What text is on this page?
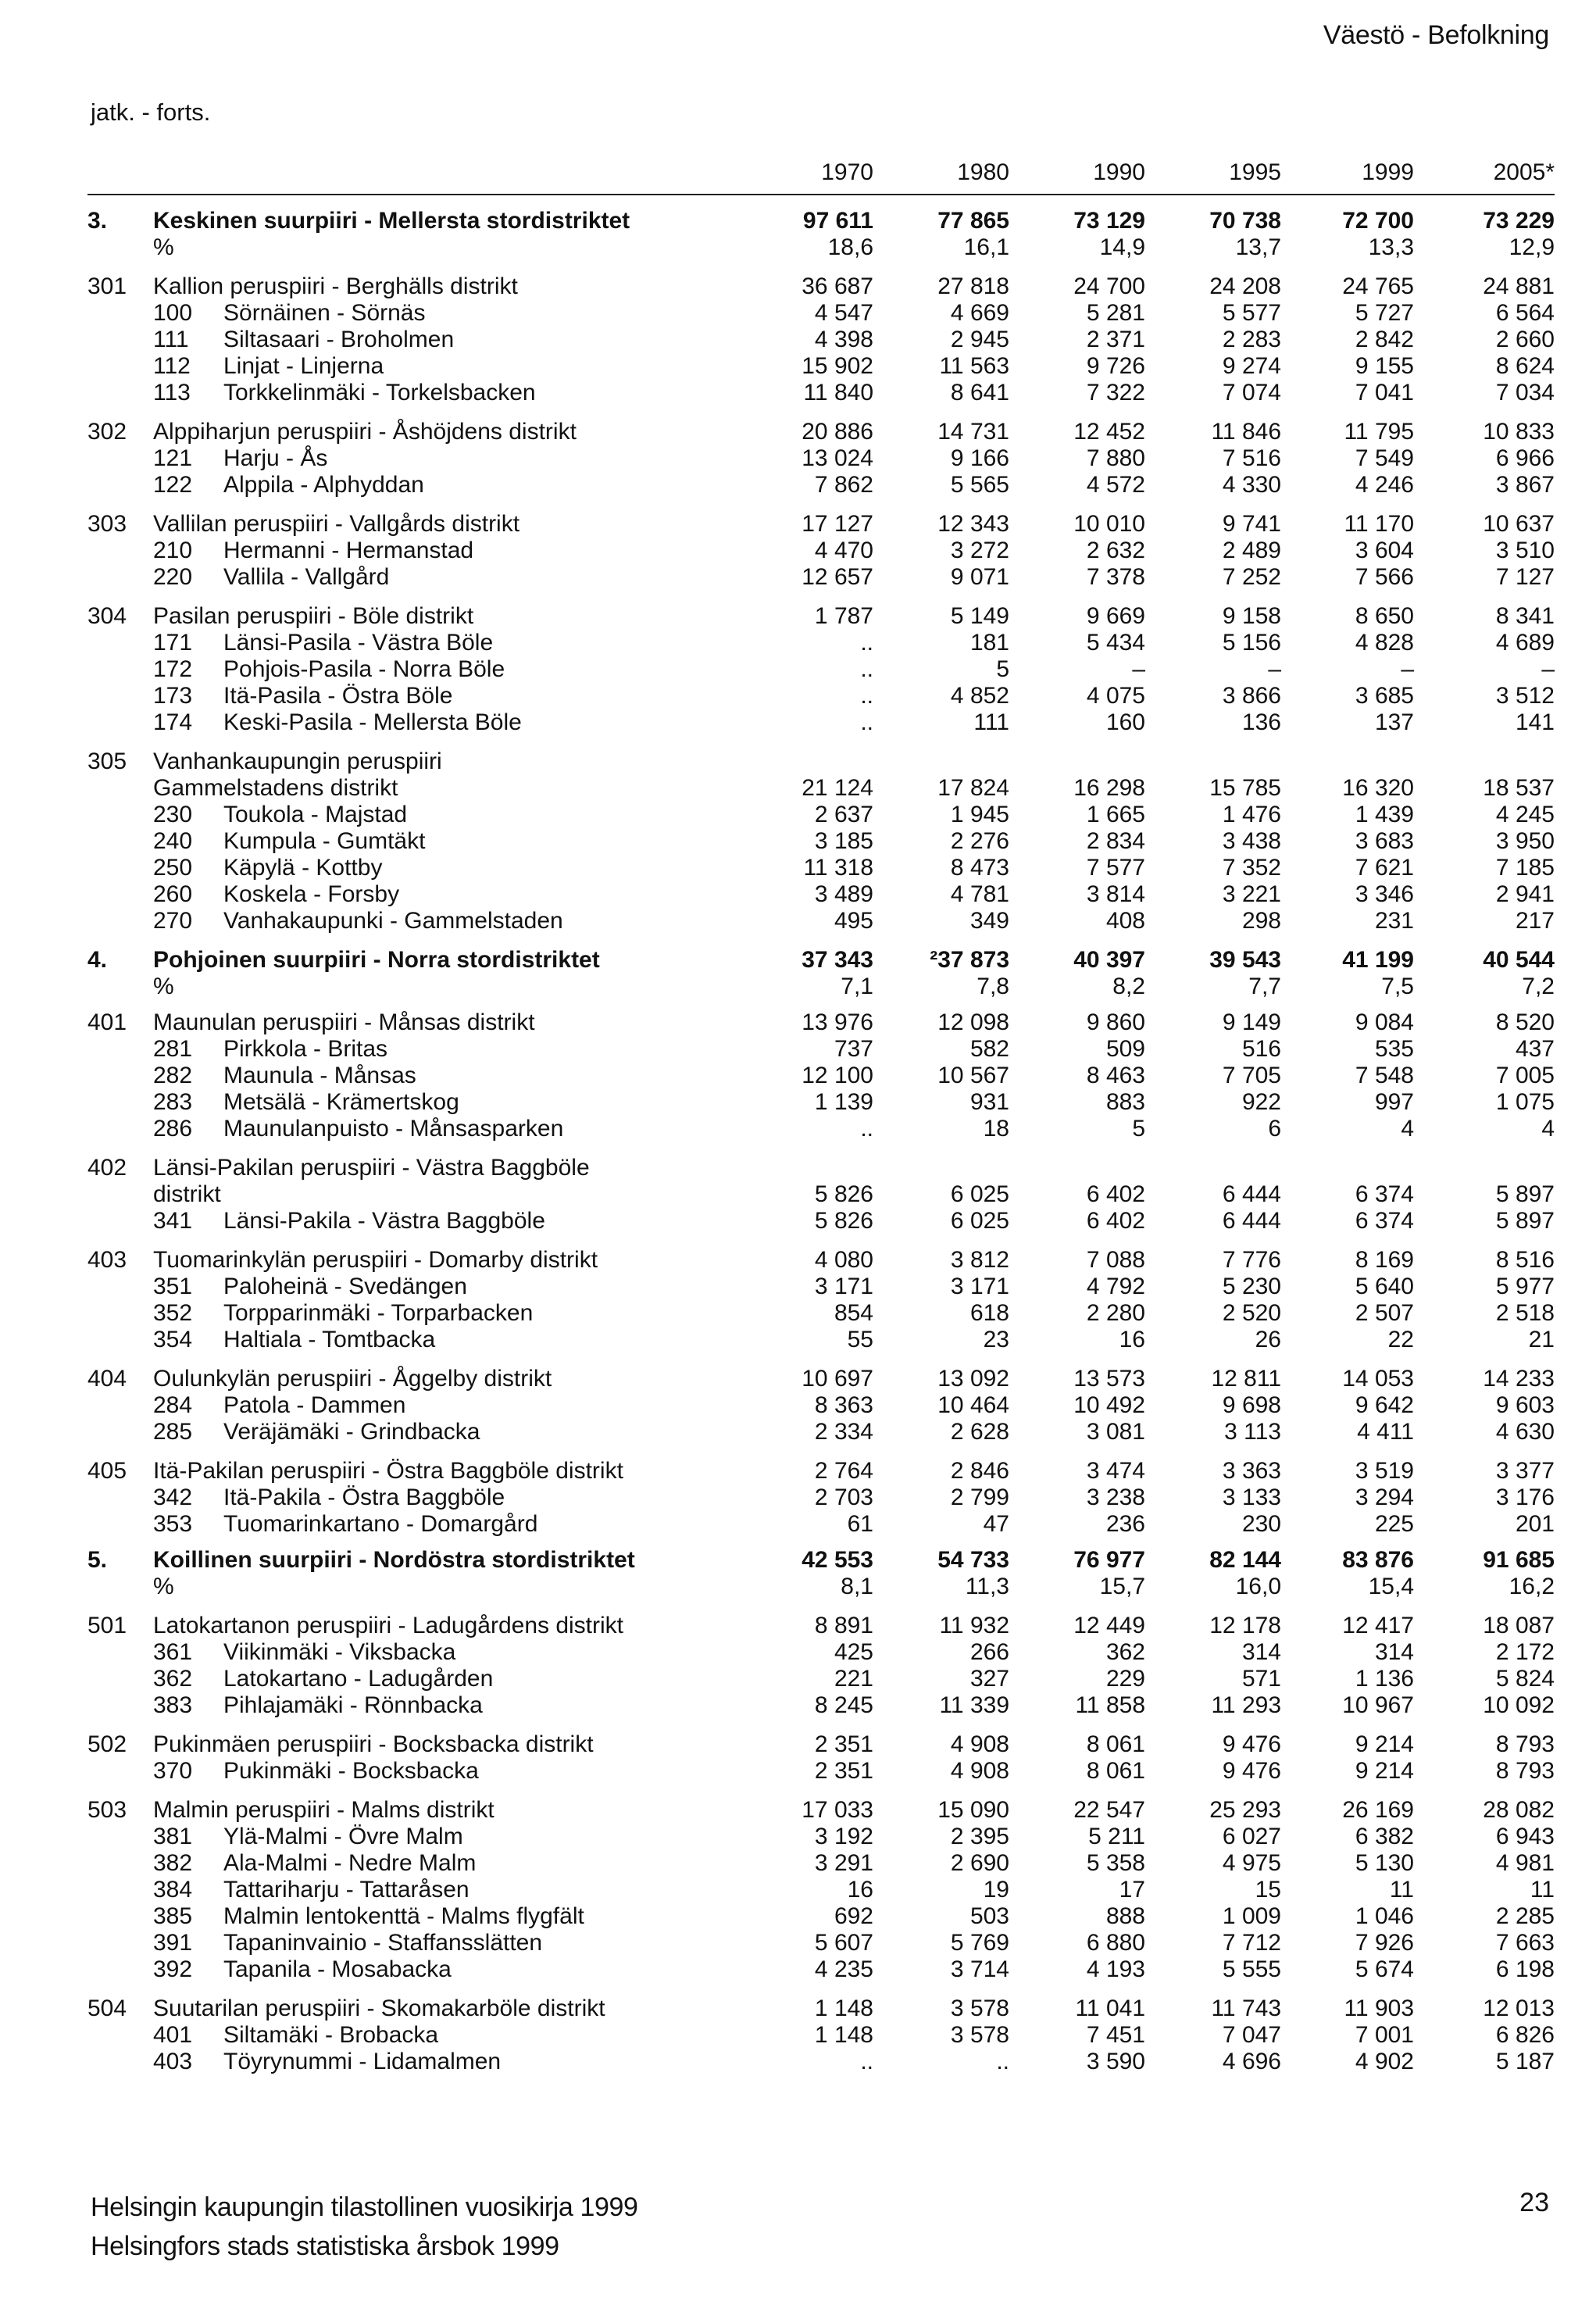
Väestö - Befolkning
jatk. - forts.
1970	1980	1990	1995	1999	2005*
3.	Keskinen suurpiiri - Mellersta stordistriktet	97 611	77 865	73 129	70 738	72 700	73 229
%	18,6	16,1	14,9	13,7	13,3	12,9
301	Kallion peruspiiri - Berghälls distrikt	36 687	27 818	24 700	24 208	24 765	24 881
100	Sörnäinen - Sörnäs	4 547	4 669	5 281	5 577	5 727	6 564
111	Siltasaari - Broholmen	4 398	2 945	2 371	2 283	2 842	2 660
112	Linjat - Linjerna	15 902	11 563	9 726	9 274	9 155	8 624
113	Torkkelinmäki - Torkelsbacken	11 840	8 641	7 322	7 074	7 041	7 034
302	Alppiharjun peruspiiri - Åshöjdens distrikt	20 886	14 731	12 452	11 846	11 795	10 833
121	Harju - Ås	13 024	9 166	7 880	7 516	7 549	6 966
122	Alppila - Alphyddan	7 862	5 565	4 572	4 330	4 246	3 867
303	Vallilan peruspiiri - Vallgårds distrikt	17 127	12 343	10 010	9 741	11 170	10 637
210	Hermanni - Hermanstad	4 470	3 272	2 632	2 489	3 604	3 510
220	Vallila - Vallgård	12 657	9 071	7 378	7 252	7 566	7 127
304	Pasilan peruspiiri - Böle distrikt	1 787	5 149	9 669	9 158	8 650	8 341
171	Länsi-Pasila - Västra Böle	..	181	5 434	5 156	4 828	4 689
172	Pohjois-Pasila - Norra Böle	..	5	–	–	–	–
173	Itä-Pasila - Östra Böle	..	4 852	4 075	3 866	3 685	3 512
174	Keski-Pasila - Mellersta Böle	..	111	160	136	137	141
305	Vanhankaupungin peruspiiri
Gammelstadens distrikt	21 124	17 824	16 298	15 785	16 320	18 537
230	Toukola - Majstad	2 637	1 945	1 665	1 476	1 439	4 245
240	Kumpula - Gumtäkt	3 185	2 276	2 834	3 438	3 683	3 950
250	Käpylä - Kottby	11 318	8 473	7 577	7 352	7 621	7 185
260	Koskela - Forsby	3 489	4 781	3 814	3 221	3 346	2 941
270	Vanhakaupunki - Gammelstaden	495	349	408	298	231	217
4.	Pohjoinen suurpiiri - Norra stordistriktet	37 343	²37 873	40 397	39 543	41 199	40 544
%	7,1	7,8	8,2	7,7	7,5	7,2
401	Maunulan peruspiiri - Månsas distrikt	13 976	12 098	9 860	9 149	9 084	8 520
281	Pirkkola - Britas	737	582	509	516	535	437
282	Maunula - Månsas	12 100	10 567	8 463	7 705	7 548	7 005
283	Metsälä - Krämertskog	1 139	931	883	922	997	1 075
286	Maunulanpuisto - Månsasparken	..	18	5	6	4	4
402	Länsi-Pakilan peruspiiri - Västra Baggböle
distrikt	5 826	6 025	6 402	6 444	6 374	5 897
341	Länsi-Pakila - Västra Baggböle	5 826	6 025	6 402	6 444	6 374	5 897
403	Tuomarinkylän peruspiiri - Domarby distrikt	4 080	3 812	7 088	7 776	8 169	8 516
351	Paloheinä - Svedängen	3 171	3 171	4 792	5 230	5 640	5 977
352	Torpparinmäki - Torparbacken	854	618	2 280	2 520	2 507	2 518
354	Haltiala - Tomtbacka	55	23	16	26	22	21
404	Oulunkylän peruspiiri - Åggelby distrikt	10 697	13 092	13 573	12 811	14 053	14 233
284	Patola - Dammen	8 363	10 464	10 492	9 698	9 642	9 603
285	Veräjämäki - Grindbacka	2 334	2 628	3 081	3 113	4 411	4 630
405	Itä-Pakilan peruspiiri - Östra Baggböle distrikt	2 764	2 846	3 474	3 363	3 519	3 377
342	Itä-Pakila - Östra Baggböle	2 703	2 799	3 238	3 133	3 294	3 176
353	Tuomarinkartano - Domargård	61	47	236	230	225	201
5.	Koillinen suurpiiri - Nordöstra stordistriktet	42 553	54 733	76 977	82 144	83 876	91 685
%	8,1	11,3	15,7	16,0	15,4	16,2
501	Latokartanon peruspiiri - Ladugårdens distrikt	8 891	11 932	12 449	12 178	12 417	18 087
361	Viikinmäki - Viksbacka	425	266	362	314	314	2 172
362	Latokartano - Ladugården	221	327	229	571	1 136	5 824
383	Pihlajamäki - Rönnbacka	8 245	11 339	11 858	11 293	10 967	10 092
502	Pukinmäen peruspiiri - Bocksbacka distrikt	2 351	4 908	8 061	9 476	9 214	8 793
370	Pukinmäki - Bocksbacka	2 351	4 908	8 061	9 476	9 214	8 793
503	Malmin peruspiiri - Malms distrikt	17 033	15 090	22 547	25 293	26 169	28 082
381	Ylä-Malmi - Övre Malm	3 192	2 395	5 211	6 027	6 382	6 943
382	Ala-Malmi - Nedre Malm	3 291	2 690	5 358	4 975	5 130	4 981
384	Tattariharju - Tattaråsen	16	19	17	15	11	11
385	Malmin lentokenttä - Malms flygfält	692	503	888	1 009	1 046	2 285
391	Tapaninvainio - Staffansslätten	5 607	5 769	6 880	7 712	7 926	7 663
392	Tapanila - Mosabacka	4 235	3 714	4 193	5 555	5 674	6 198
504	Suutarilan peruspiiri - Skomakarböle distrikt	1 148	3 578	11 041	11 743	11 903	12 013
401	Siltamäki - Brobacka	1 148	3 578	7 451	7 047	7 001	6 826
403	Töyrynummi - Lidamalmen	..	..	3 590	4 696	4 902	5 187
Helsingin kaupungin tilastollinen vuosikirja 1999
Helsingfors stads statistiska årsbok 1999
23
